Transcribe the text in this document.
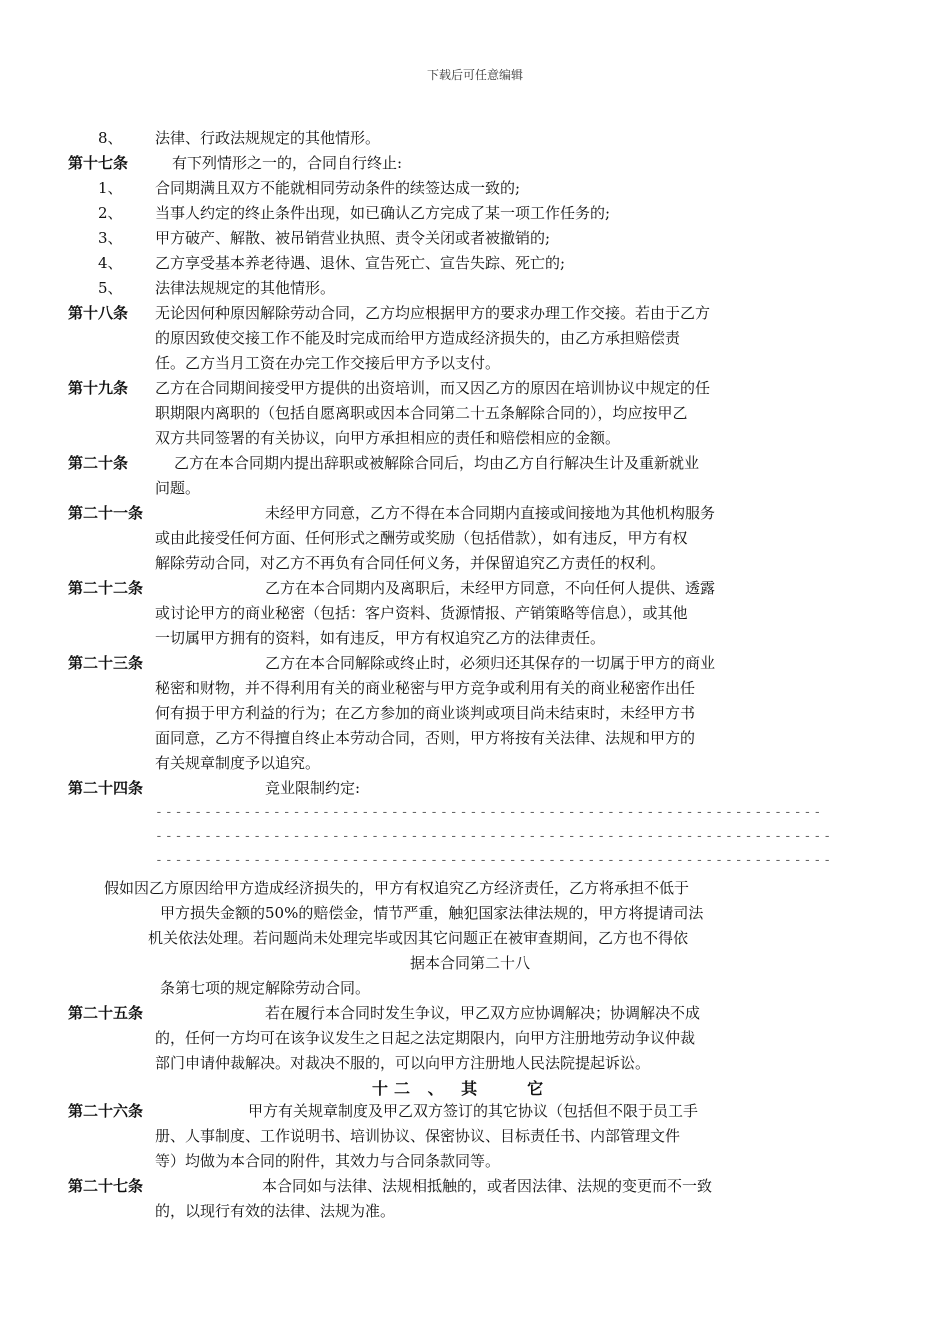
下载后可任意编辑
8、 法律、行政法规规定的其他情形。
第十七条	有下列情形之一的，合同自行终止:
1、 合同期满且双方不能就相同劳动条件的续签达成一致的;
2、 当事人约定的终止条件出现，如已确认乙方完成了某一项工作任务的;
3、 甲方破产、解散、被吊销营业执照、责令关闭或者被撤销的;
4、 乙方享受基本养老待遇、退休、宣告死亡、宣告失踪、死亡的;
5、 法律法规规定的其他情形。
第十八条 无论因何种原因解除劳动合同，乙方均应根据甲方的要求办理工作交接。若由于乙方
的原因致使交接工作不能及时完成而给甲方造成经济损失的，由乙方承担赔偿责
任。乙方当月工资在办完工作交接后甲方予以支付。
第十九条 乙方在合同期间接受甲方提供的出资培训，而又因乙方的原因在培训协议中规定的任
职期限内离职的（包括自愿离职或因本合同第二十五条解除合同的），均应按甲乙
双方共同签署的有关协议，向甲方承担相应的责任和赔偿相应的金额。
第二十条	乙方在本合同期内提出辞职或被解除合同后，均由乙方自行解决生计及重新就业
问题。
第二十一条	未经甲方同意，乙方不得在本合同期内直接或间接地为其他机构服务
或由此接受任何方面、任何形式之酬劳或奖励（包括借款），如有违反，甲方有权
解除劳动合同，对乙方不再负有合同任何义务，并保留追究乙方责任的权利。
第二十二条	乙方在本合同期内及离职后，未经甲方同意，不向任何人提供、透露
或讨论甲方的商业秘密（包括：客户资料、货源情报、产销策略等信息），或其他
一切属甲方拥有的资料，如有违反，甲方有权追究乙方的法律责任。
第二十三条	乙方在本合同解除或终止时，必须归还其保存的一切属于甲方的商业
秘密和财物，并不得利用有关的商业秘密与甲方竞争或利用有关的商业秘密作出任
何有损于甲方利益的行为；在乙方参加的商业谈判或项目尚未结束时，未经甲方书
面同意，乙方不得擅自终止本劳动合同，否则，甲方将按有关法律、法规和甲方的
有关规章制度予以追究。
第二十四条	竞业限制约定:
--------------------------------------------------------------------
---------------------------------------------------------------------
---------------------------------------------------------------------
假如因乙方原因给甲方造成经济损失的，甲方有权追究乙方经济责任，乙方将承担不低于
甲方损失金额的50%的赔偿金，情节严重，触犯国家法律法规的，甲方将提请司法
机关依法处理。若问题尚未处理完毕或因其它问题正在被审查期间，乙方也不得依
据本合同第二十八
条第七项的规定解除劳动合同。
第二十五条	若在履行本合同时发生争议，甲乙双方应协调解决；协调解决不成
的，任何一方均可在该争议发生之日起之法定期限内，向甲方注册地劳动争议仲裁
部门申请仲裁解决。对裁决不服的，可以向甲方注册地人民法院提起诉讼。
十二 、 其　　它
第二十六条	甲方有关规章制度及甲乙双方签订的其它协议（包括但不限于员工手
册、人事制度、工作说明书、培训协议、保密协议、目标责任书、内部管理文件
等）均做为本合同的附件，其效力与合同条款同等。
第二十七条	本合同如与法律、法规相抵触的，或者因法律、法规的变更而不一致
的，以现行有效的法律、法规为准。
